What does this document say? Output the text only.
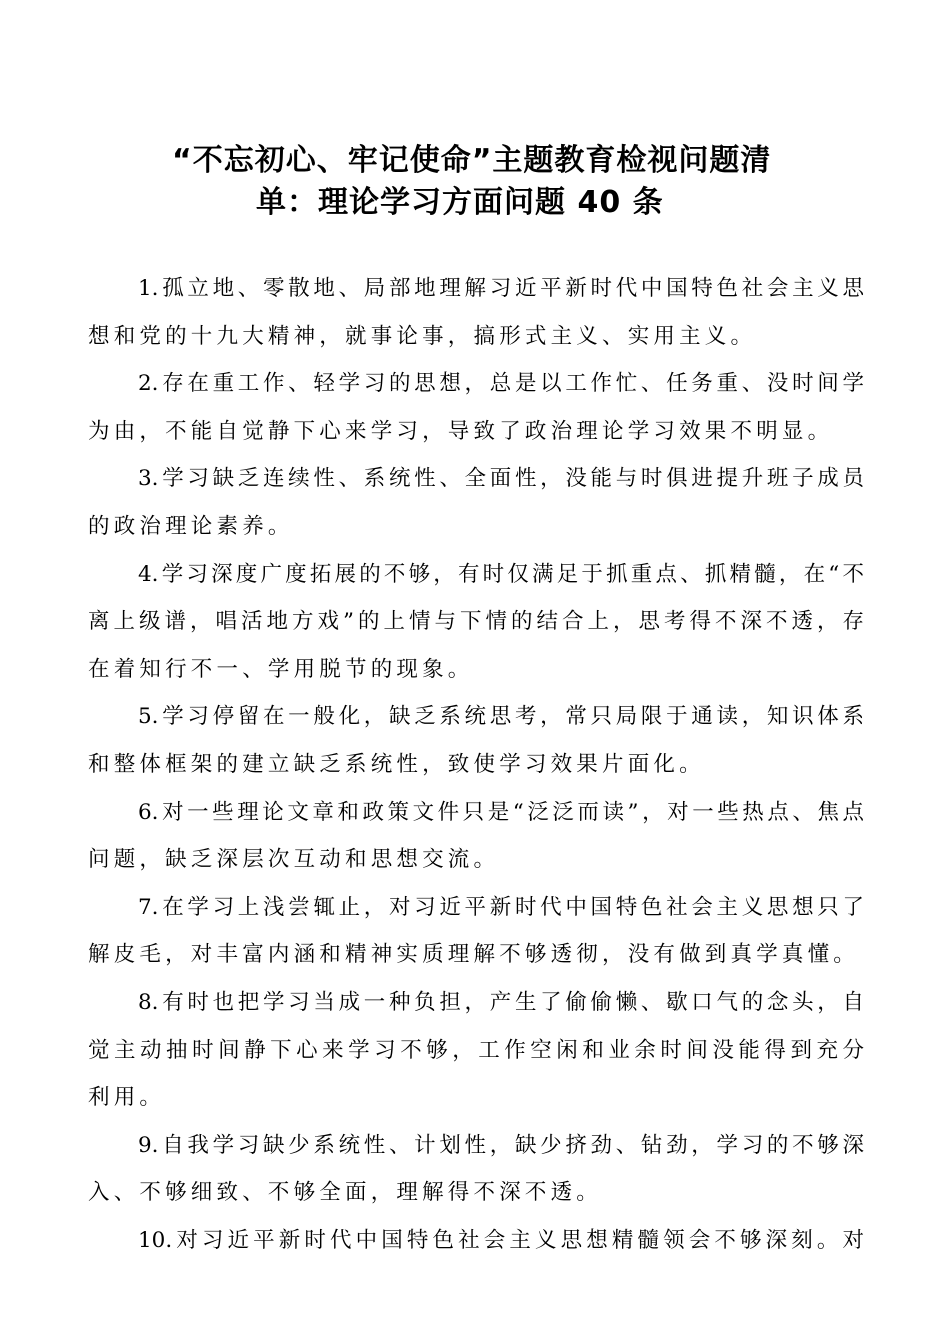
“不忘初心、牢记使命”主题教育检视问题清
单：理论学习方面问题 40 条
1.孤立地、零散地、局部地理解习近平新时代中国特色社会主义思
想和党的十九大精神，就事论事，搞形式主义、实用主义。
2.存在重工作、轻学习的思想，总是以工作忙、任务重、没时间学
为由，不能自觉静下心来学习，导致了政治理论学习效果不明显。
3.学习缺乏连续性、系统性、全面性，没能与时俱进提升班子成员
的政治理论素养。
4.学习深度广度拓展的不够，有时仅满足于抓重点、抓精髓，在“不
离上级谱，唱活地方戏”的上情与下情的结合上，思考得不深不透，存
在着知行不一、学用脱节的现象。
5.学习停留在一般化，缺乏系统思考，常只局限于通读，知识体系
和整体框架的建立缺乏系统性，致使学习效果片面化。
6.对一些理论文章和政策文件只是“泛泛而读”，对一些热点、焦点
问题，缺乏深层次互动和思想交流。
7.在学习上浅尝辄止，对习近平新时代中国特色社会主义思想只了
解皮毛，对丰富内涵和精神实质理解不够透彻，没有做到真学真懂。
8.有时也把学习当成一种负担，产生了偷偷懒、歇口气的念头，自
觉主动抽时间静下心来学习不够，工作空闲和业余时间没能得到充分
利用。
9.自我学习缺少系统性、计划性，缺少挤劲、钻劲，学习的不够深
入、不够细致、不够全面，理解得不深不透。
10.对习近平新时代中国特色社会主义思想精髓领会不够深刻。对
